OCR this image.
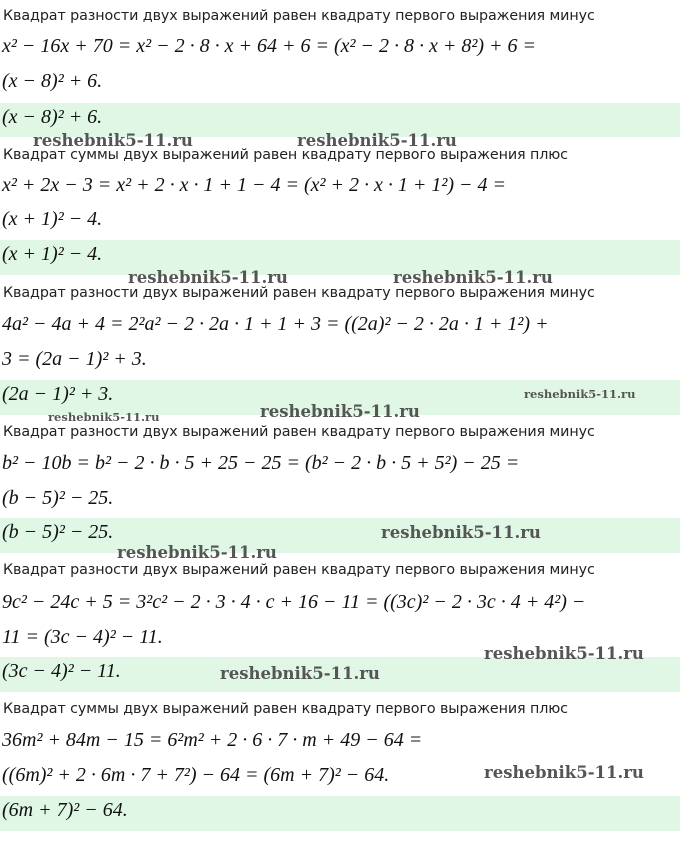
Квадрат разности двух выражений равен квадрату первого выражения минус
x² − 16x + 70 = x² − 2 · 8 · x + 64 + 6 = (x² − 2 · 8 · x + 8²) + 6 =
(x − 8)² + 6.
(x − 8)² + 6.
Квадрат суммы двух выражений равен квадрату первого выражения плюс
x² + 2x − 3 = x² + 2 · x · 1 + 1 − 4 = (x² + 2 · x · 1 + 1²) − 4 =
(x + 1)² − 4.
(x + 1)² − 4.
Квадрат разности двух выражений равен квадрату первого выражения минус
4a² − 4a + 4 = 2²a² − 2 · 2a · 1 + 1 + 3 = ((2a)² − 2 · 2a · 1 + 1²) +
3 = (2a − 1)² + 3.
(2a − 1)² + 3.
Квадрат разности двух выражений равен квадрату первого выражения минус
b² − 10b = b² − 2 · b · 5 + 25 − 25 = (b² − 2 · b · 5 + 5²) − 25 =
(b − 5)² − 25.
(b − 5)² − 25.
Квадрат разности двух выражений равен квадрату первого выражения минус
9c² − 24c + 5 = 3²c² − 2 · 3 · 4 · c + 16 − 11 = ((3c)² − 2 · 3c · 4 + 4²) −
11 = (3c − 4)² − 11.
(3c − 4)² − 11.
Квадрат суммы двух выражений равен квадрату первого выражения плюс
36m² + 84m − 15 = 6²m² + 2 · 6 · 7 · m + 49 − 64 =
((6m)² + 2 · 6m · 7 + 7²) − 64 = (6m + 7)² − 64.
(6m + 7)² − 64.
reshebnik5-11.ru	reshebnik5-11.ru
reshebnik5-11.ru	reshebnik5-11.ru
reshebnik5-11.ru
reshebnik5-11.ru	reshebnik5-11.ru
reshebnik5-11.ru
reshebnik5-11.ru
reshebnik5-11.ru
reshebnik5-11.ru
reshebnik5-11.ru
